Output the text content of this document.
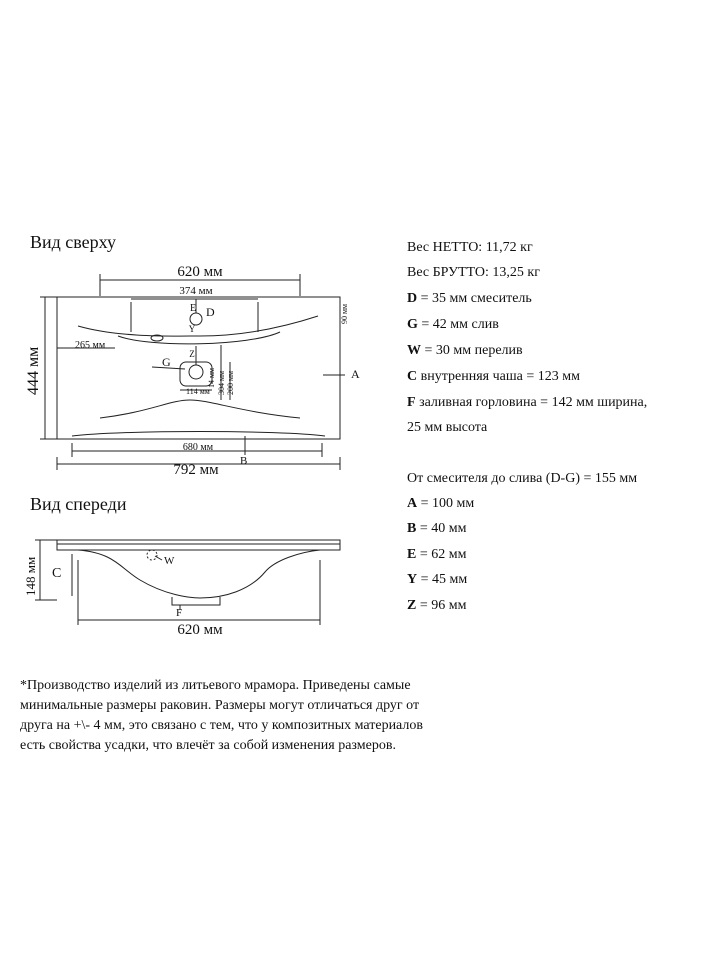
Вид сверху
Вид спереди
620 мм
374 мм
E D
Y
265 мм
G
Z
114 мм
A
680 мм
792 мм
B
444 мм
90 мм
14 мм 304 мм 200 мм
W
C
F
620 мм
148 мм
Вес НЕТТО: 11,72 кг
Вес БРУТТО: 13,25 кг
D = 35 мм смеситель
G = 42 мм слив
W = 30 мм перелив
C внутренняя чаша = 123 мм
F заливная горловина = 142 мм ширина,
25 мм высота
От смесителя до слива (D-G) = 155 мм
A = 100 мм
B = 40 мм
E = 62 мм
Y = 45 мм
Z = 96 мм
*Производство изделий из литьевого мрамора. Приведены самые минимальные размеры раковин. Размеры могут отличаться друг от друга на +\- 4 мм, это связано с тем, что у композитных материалов есть свойства усадки, что влечёт за собой изменения размеров.
